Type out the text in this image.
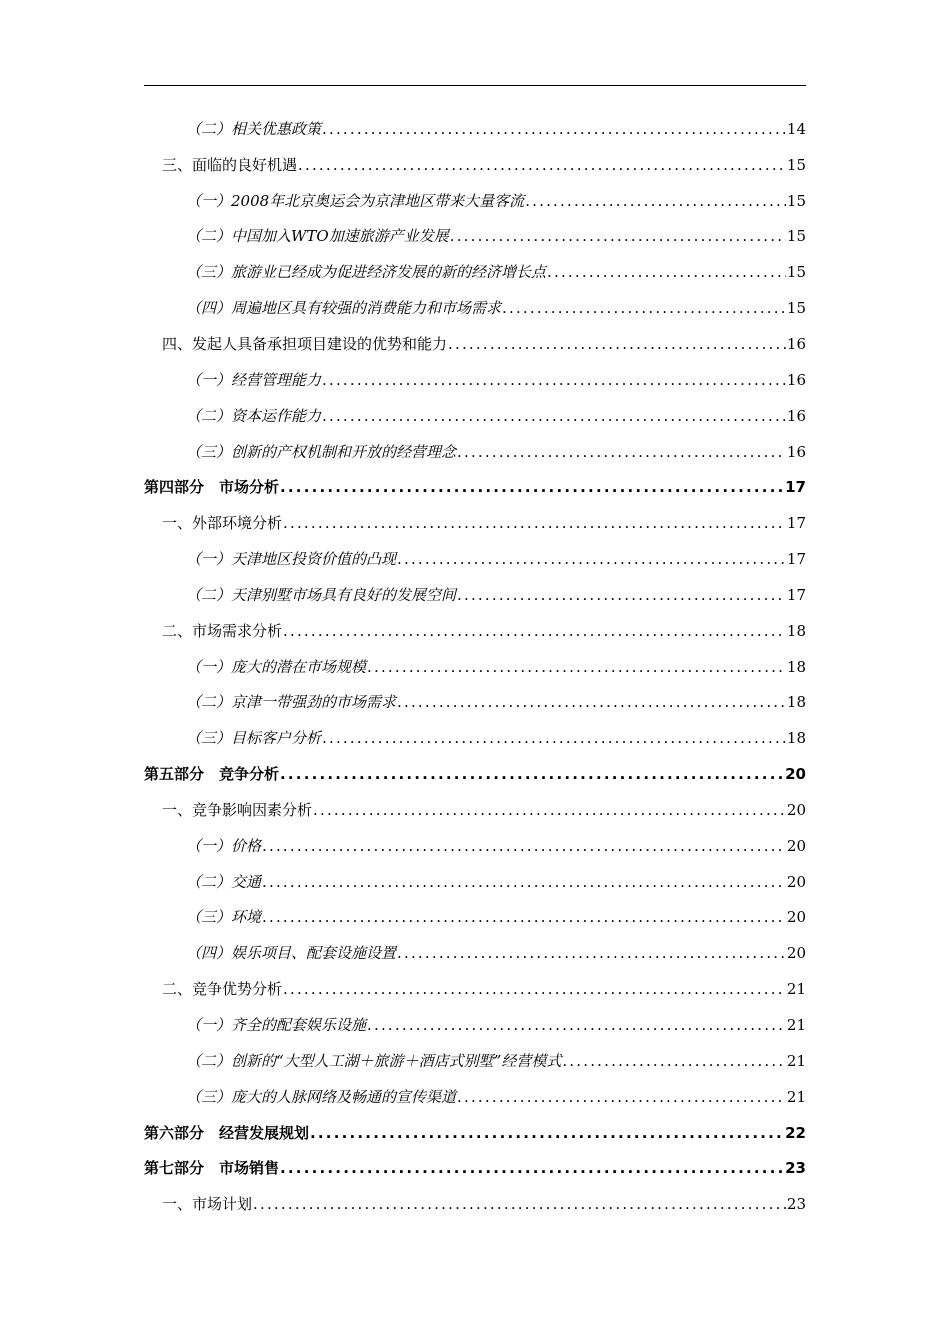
（二）相关优惠政策 .....	14
三、面临的良好机遇 .....	15
（一）2008年北京奥运会为京津地区带来大量客流 .....	15
（二）中国加入WTO加速旅游产业发展 .....	15
（三）旅游业已经成为促进经济发展的新的经济增长点 .....	15
（四）周遍地区具有较强的消费能力和市场需求 .....	15
四、发起人具备承担项目建设的优势和能力 .....	16
（一）经营管理能力 .....	16
（二）资本运作能力 .....	16
（三）创新的产权机制和开放的经营理念 .....	16
第四部分　市场分析 .....	17
一、外部环境分析 .....	17
（一）天津地区投资价值的凸现 .....	17
（二）天津别墅市场具有良好的发展空间 .....	17
二、市场需求分析 .....	18
（一）庞大的潜在市场规模 .....	18
（二）京津一带强劲的市场需求 .....	18
（三）目标客户分析 .....	18
第五部分　竞争分析 .....	20
一、竞争影响因素分析 .....	20
（一）价格 .....	20
（二）交通 .....	20
（三）环境 .....	20
（四）娱乐项目、配套设施设置 .....	20
二、竞争优势分析 .....	21
（一）齐全的配套娱乐设施 .....	21
（二）创新的“大型人工湖＋旅游＋酒店式别墅”经营模式 .....	21
（三）庞大的人脉网络及畅通的宣传渠道 .....	21
第六部分　经营发展规划 .....	22
第七部分　市场销售 .....	23
一、市场计划 .....	23
